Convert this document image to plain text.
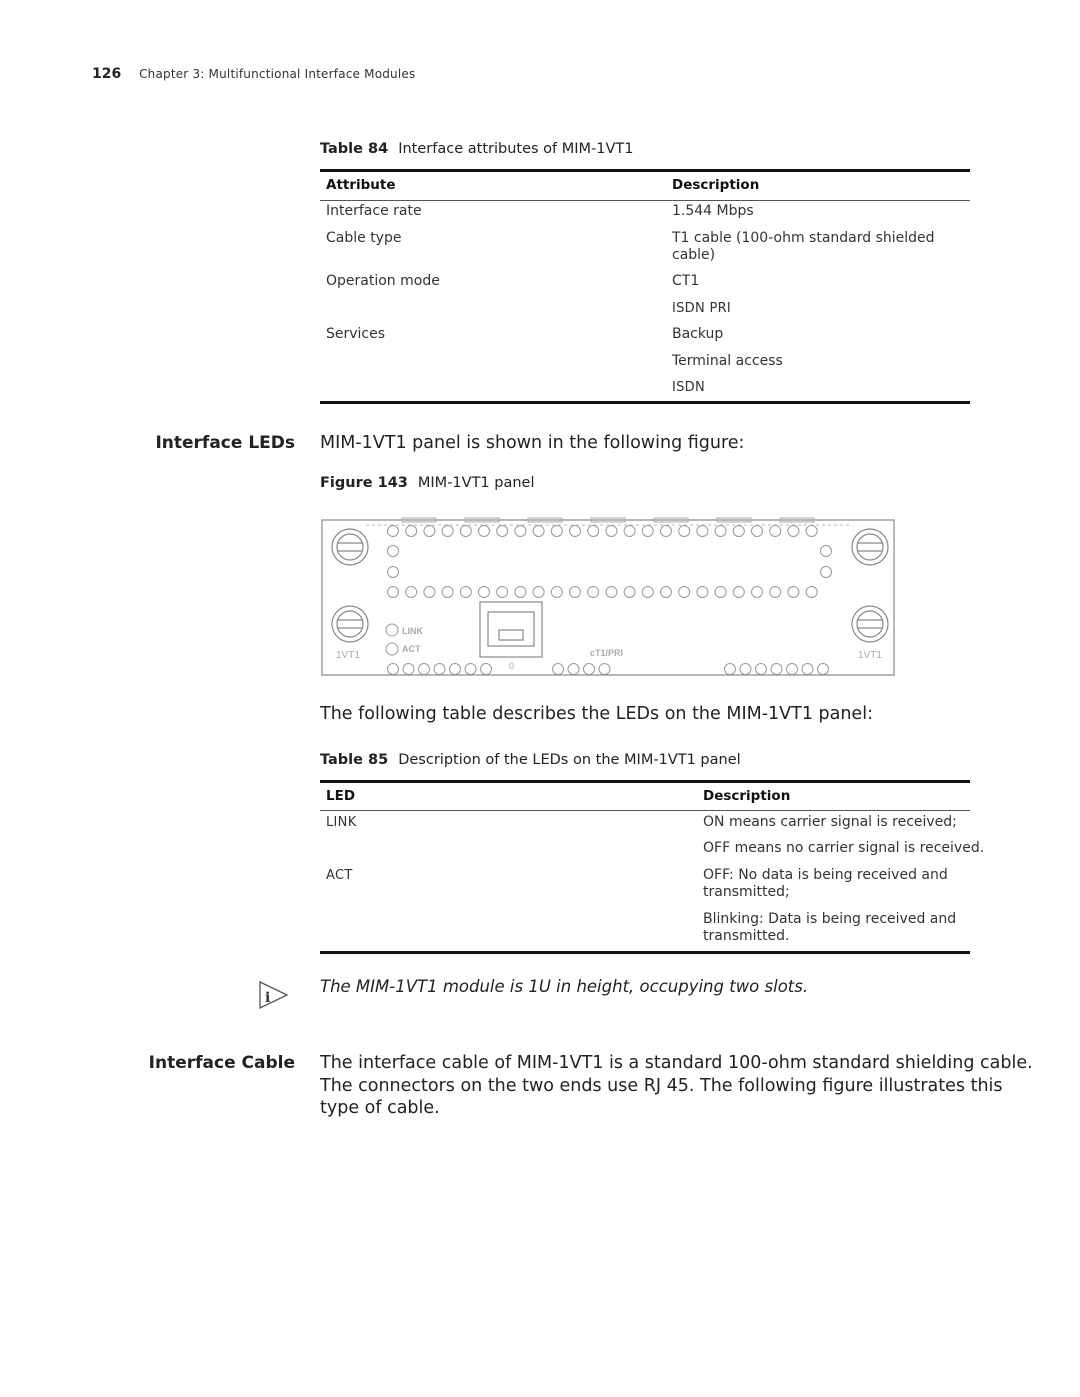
126 Chapter 3: Multifunctional Interface Modules
Table 84 Interface attributes of MIM-1VT1
Attribute	Description
Interface rate	1.544 Mbps
Cable type	T1 cable (100-ohm standard shielded
cable)
Operation mode	CT1
ISDN PRI
Services	Backup
Terminal access
ISDN
Interface LEDs MIM-1VT1 panel is shown in the following figure:
Figure 143 MIM-1VT1 panel
LINK
ACT
1VT1	1VT1
cT1/PRI
0
The following table describes the LEDs on the MIM-1VT1 panel:
Table 85 Description of the LEDs on the MIM-1VT1 panel
LED	Description
LINK	ON means carrier signal is received;
OFF means no carrier signal is received.
ACT	OFF: No data is being received and
transmitted;
Blinking: Data is being received and
transmitted.
i
The MIM-1VT1 module is 1U in height, occupying two slots.
Interface Cable The interface cable of MIM-1VT1 is a standard 100-ohm standard shielding cable.
The connectors on the two ends use RJ 45. The following figure illustrates this
type of cable.
